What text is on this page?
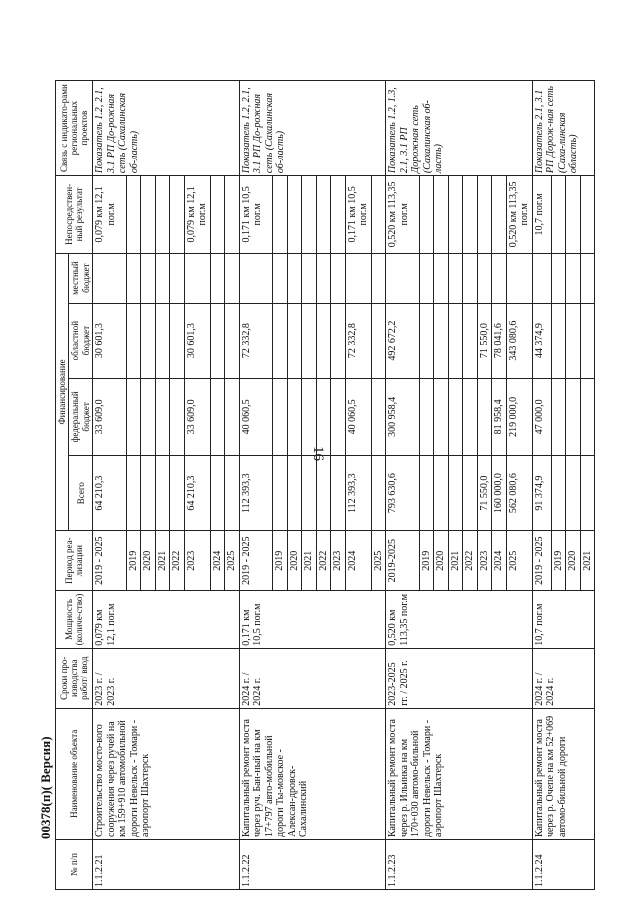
16
№ п/п	Наименование объекта	Сроки про-изводства работ/ ввод	Мощность (количе-ство)	Период реа-лизации	Финансирование				Непосредствен-ный результат	Связь с индикато-рами региональных проектов
					Всего	федеральный бюджет	областной бюджет	местный бюджет		
1.1.2.21	Строительство мосто-вого сооружения через ручей на км 159+910 автомобильной дороги Невельск - Томари - аэропорт Шахтерск	2023 г. / 2023 г.	0,079 км 12,1 пог.м	2019 - 2025	64 210,3	33 609,0	30 601,3		0,079 км 12,1 пог.м	Показатель 1.2, 2.1, 3.1 РП До-рожная сеть (Сахалинская об-ласть)
				2019						
				2020						
				2021						
				2022						
				2023	64 210,3	33 609,0	30 601,3		0,079 км 12,1 пог.м	
				2024						
				2025						
1.1.2.22	Капитальный ремонт моста через руч. Бан-ный на км 17+797 авто-мобильной дороги Ты-мовское - Алексан-дровск-Сахалинский	2024 г. / 2024 г.	0,171 км 10,5 пог.м	2019 - 2025	112 393,3	40 060,5	72 332,8		0,171 км 10,5 пог.м	Показатель 1.2, 2.1, 3.1 РП До-рожная сеть (Сахалинская об-ласть)
				2019						
				2020						
				2021						
				2022						
				2023						
				2024	112 393,3	40 060,5	72 332,8		0,171 км 10,5 пог.м	
				2025						
1.1.2.23	Капитальный ремонт моста через р. Ильинка на км 170+030 автомо-бильной дороги Невельск - Томари - аэропорт Шахтерск	2023-2025 гг. / 2025 г.	0,520 км 113,35 пог.м	2019-2025	793 630,6	300 958,4	492 672,2		0,520 км 113,35 пог.м	Показатель 1.2, 1.3, 2.1, 3.1 РП Дорожная сеть (Сахалинская об-ласть)
				2019						
				2020						
				2021						
				2022						
				2023	71 550,0		71 550,0			
				2024	160 000,0	81 958,4	78 041,6			
				2025	562 080,6	219 000,0	343 080,6		0,520 км 113,35 пог.м	
1.1.2.24	Капитальный ремонт моста через р. Очепе на км 52+069 автомо-бильной дороги	2024 г. / 2024 г.	10,7 пог.м	2019 - 2025	91 374,9	47 000,0	44 374,9		10,7 пог.м	Показатель 2.1, 3.1 РП Дорож-ная сеть (Саха-линская область)
				2019						
				2020						
				2021						
00378(п)( Версия)
